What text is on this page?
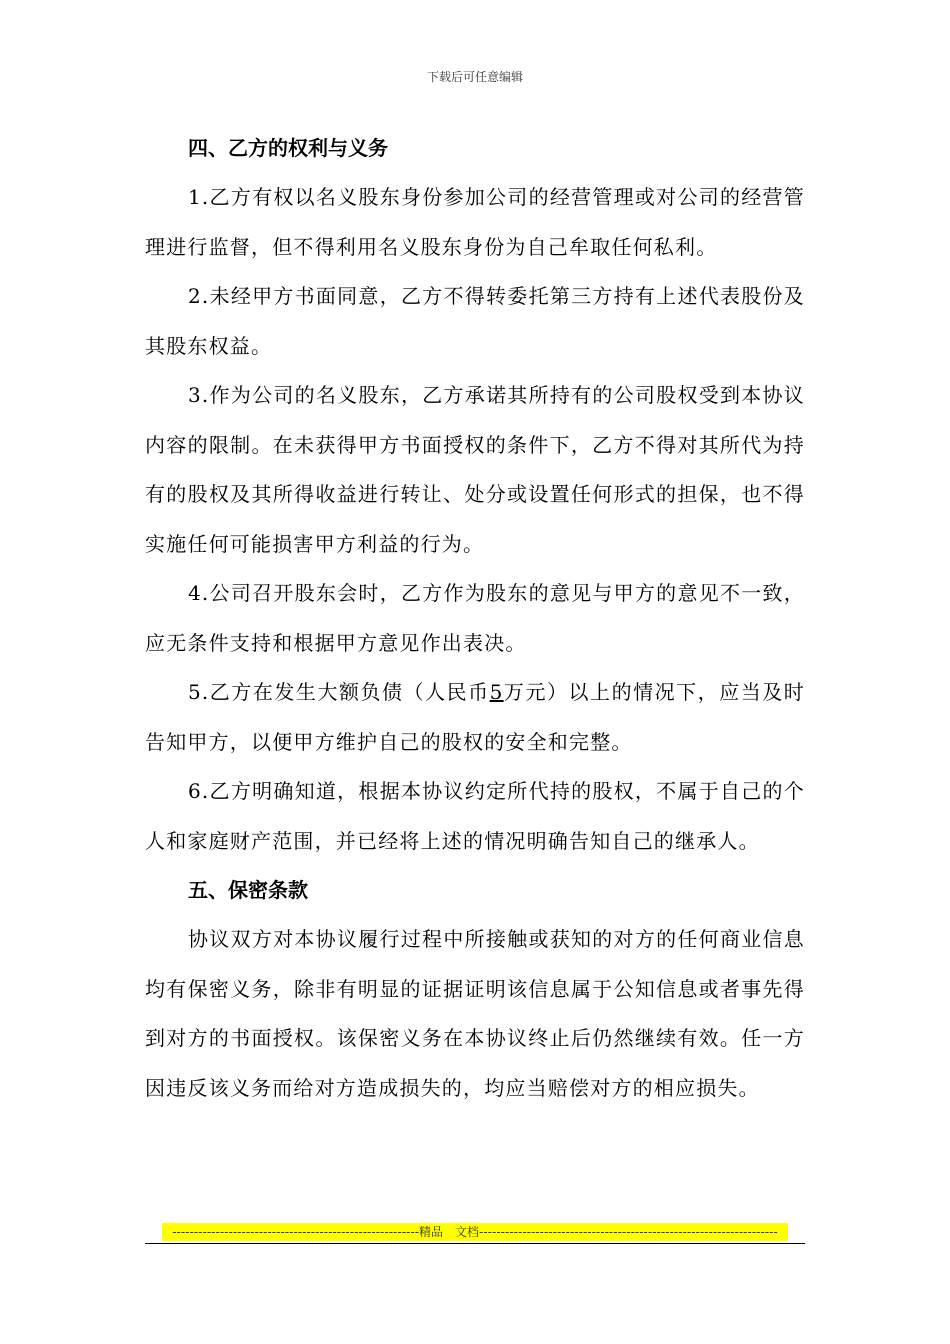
下载后可任意编辑
四、乙方的权利与义务

1.乙方有权以名义股东身份参加公司的经营管理或对公司的经营管理进行监督，但不得利用名义股东身份为自己牟取任何私利。

2.未经甲方书面同意，乙方不得转委托第三方持有上述代表股份及其股东权益。

3.作为公司的名义股东，乙方承诺其所持有的公司股权受到本协议内容的限制。在未获得甲方书面授权的条件下，乙方不得对其所代为持有的股权及其所得收益进行转让、处分或设置任何形式的担保，也不得实施任何可能损害甲方利益的行为。

4.公司召开股东会时，乙方作为股东的意见与甲方的意见不一致，应无条件支持和根据甲方意见作出表决。

5.乙方在发生大额负债（人民币5万元）以上的情况下，应当及时告知甲方，以便甲方维护自己的股权的安全和完整。

6.乙方明确知道，根据本协议约定所代持的股权，不属于自己的个人和家庭财产范围，并已经将上述的情况明确告知自己的继承人。

五、保密条款

协议双方对本协议履行过程中所接触或获知的对方的任何商业信息均有保密义务，除非有明显的证据证明该信息属于公知信息或者事先得到对方的书面授权。该保密义务在本协议终止后仍然继续有效。任一方因违反该义务而给对方造成损失的，均应当赔偿对方的相应损失。

---------------------------------------------------------精品　文档---------------------------------------------------------------------
